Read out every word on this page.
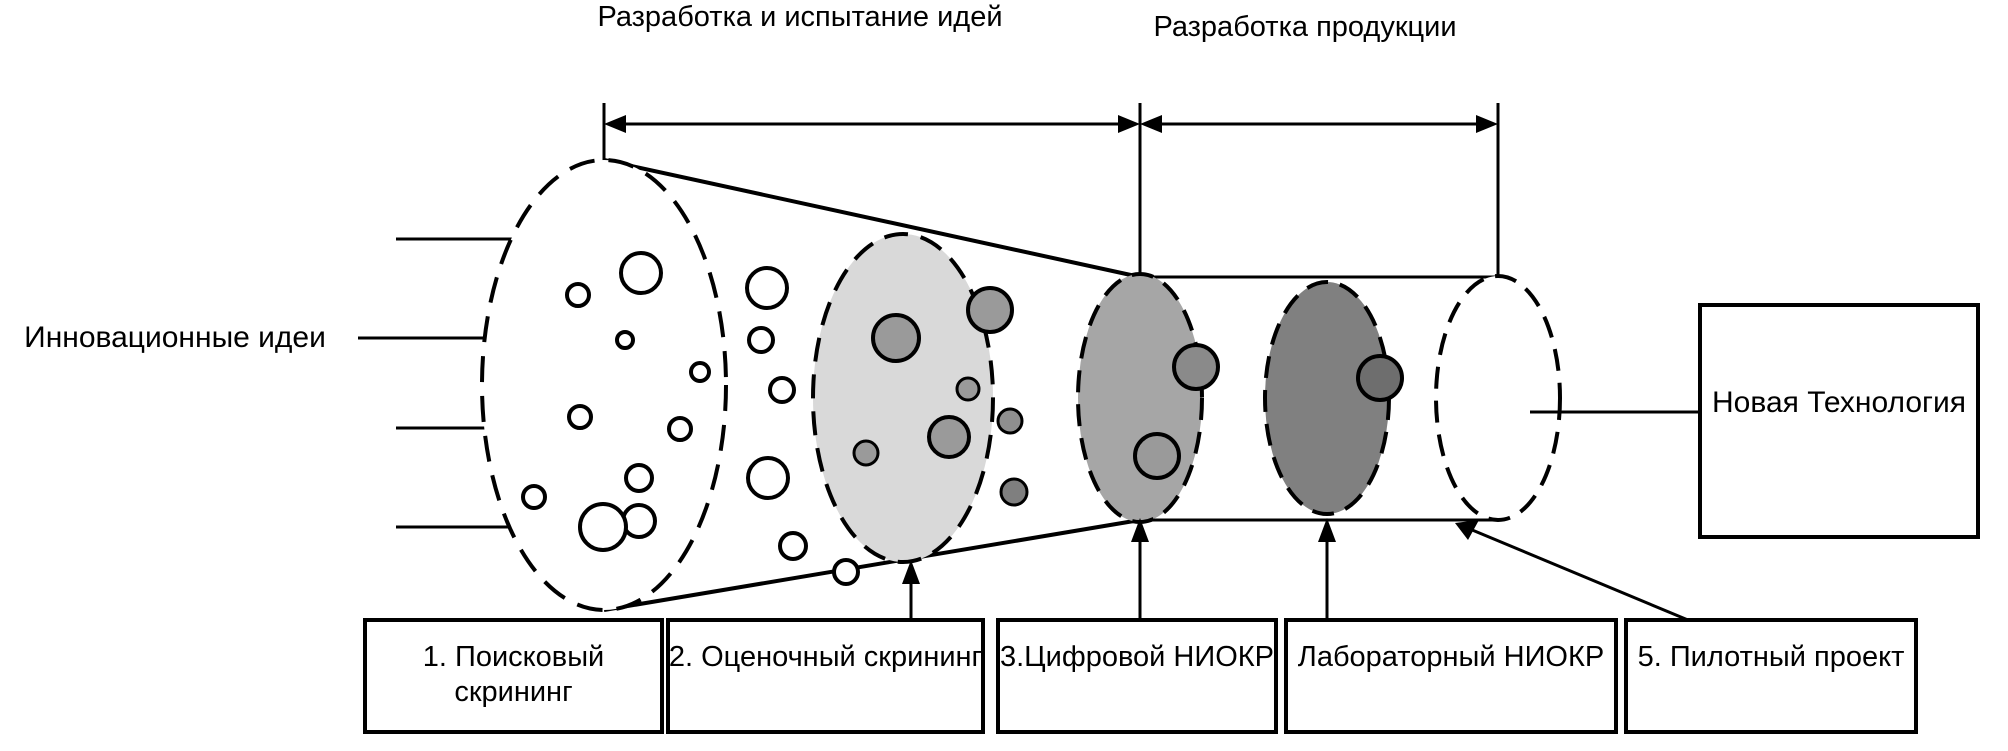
Разработка и испытание идей	Разработка продукции
Инновационные идеи
Новая Технология
1. Поисковый скрининг
2. Оценочный скрининг 3.Цифровой НИОКР Лабораторный НИОКР	5. Пилотный проект
